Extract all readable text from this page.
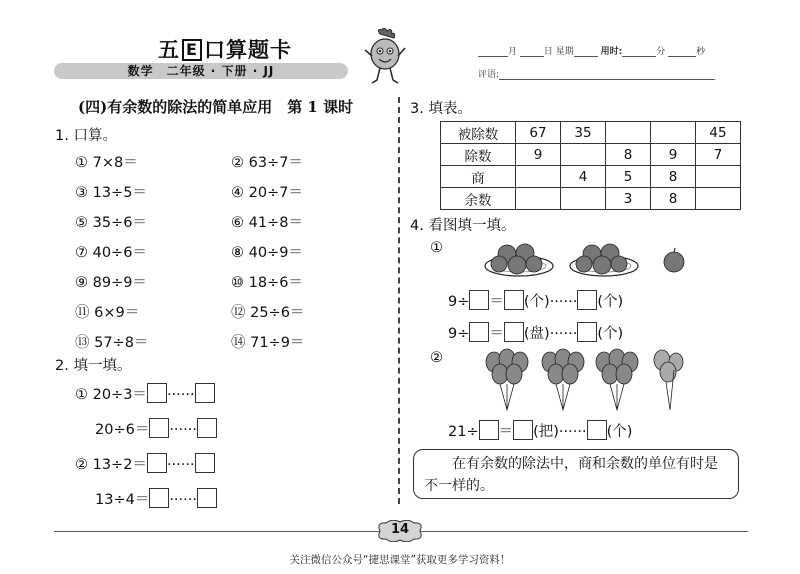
五 E 口算题卡
数学　二年级 · 下册 · JJ
月	日 星期	用时:	分	秒
评语:
(四)有余数的除法的简单应用　第 1 课时
1. 口算。
① 7×8＝	② 63÷7＝
③ 13÷5＝	④ 20÷7＝
⑤ 35÷6＝	⑥ 41÷8＝
⑦ 40÷6＝	⑧ 40÷9＝
⑨ 89÷9＝	⑩ 18÷6＝
⑪ 6×9＝	⑫ 25÷6＝
⑬ 57÷8＝	⑭ 71÷9＝
2. 填一填。
① 20÷3＝ ······
20÷6＝ ······
② 13÷2＝ ······
13÷4＝ ······
3. 填表。
被除数	67	35			45
除数	9		8	9	7
商		4	5	8	
余数			3	8	
4. 看图填一填。
①
9÷ ＝ (个)······ (个)
9÷ ＝ (盘)······ (个)
②
21÷ ＝ (把)······ (个)
　　在有余数的除法中，商和余数的单位有时是不一样的。
14
关注微信公众号“捷思课堂”获取更多学习资料！
